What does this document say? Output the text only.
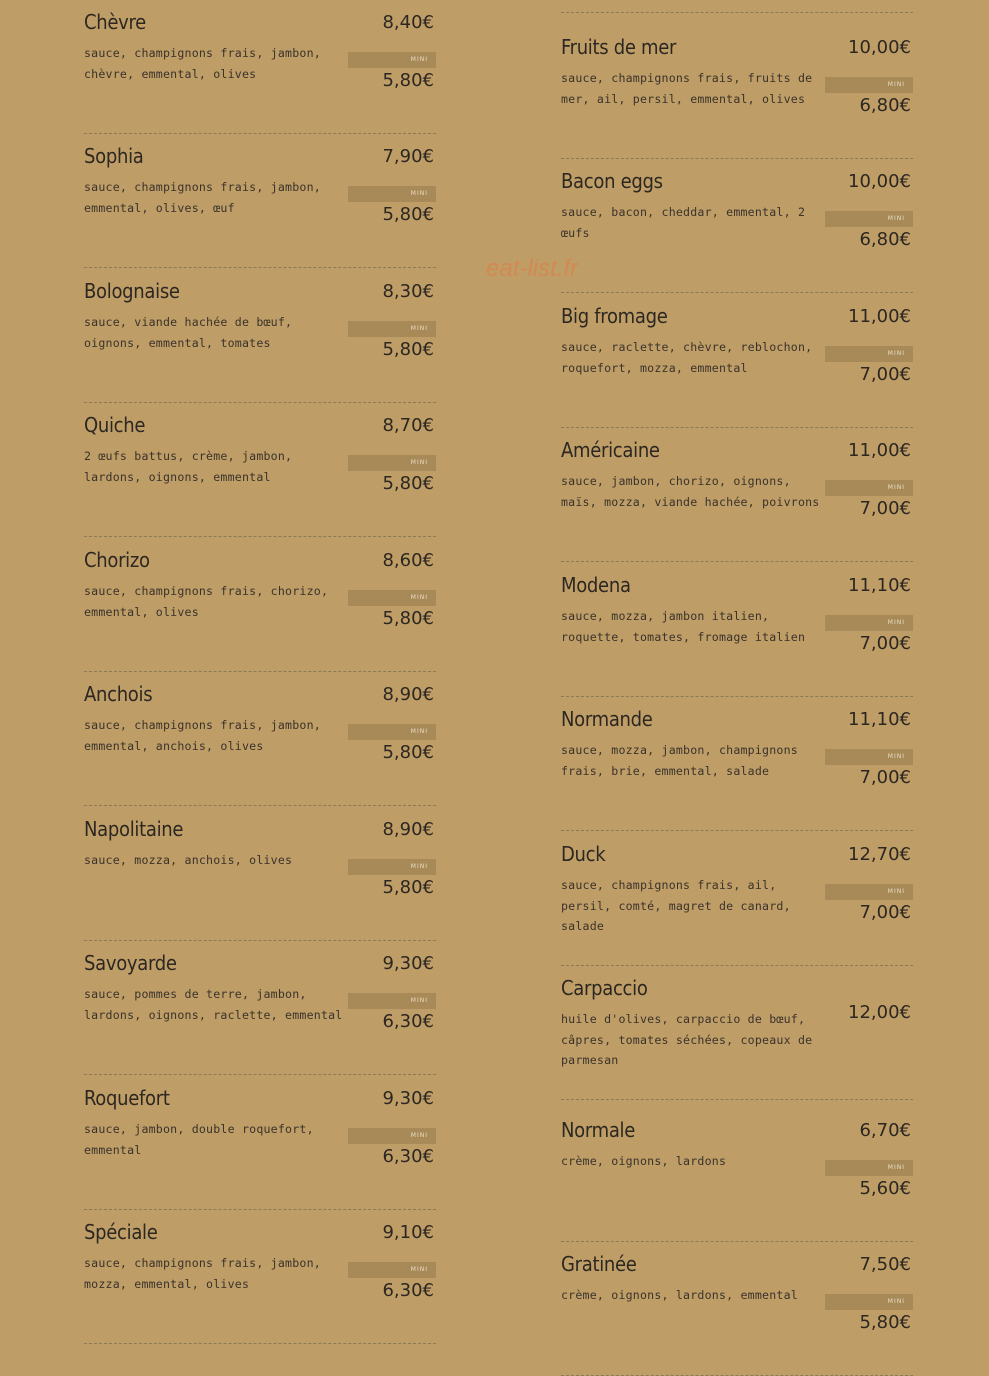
Chèvre	8,40€
sauce, champignons frais, jambon, chèvre, emmental, olives
MINI
5,80€
Sophia	7,90€
sauce, champignons frais, jambon, emmental, olives, œuf
MINI
5,80€
Bolognaise	8,30€
sauce, viande hachée de bœuf, oignons, emmental, tomates
MINI
5,80€
Quiche	8,70€
2 œufs battus, crème, jambon, lardons, oignons, emmental
MINI
5,80€
Chorizo	8,60€
sauce, champignons frais, chorizo, emmental, olives
MINI
5,80€
Anchois	8,90€
sauce, champignons frais, jambon, emmental, anchois, olives
MINI
5,80€
Napolitaine	8,90€
sauce, mozza, anchois, olives	MINI
5,80€
Savoyarde	9,30€
sauce, pommes de terre, jambon, lardons, oignons, raclette, emmental
MINI
6,30€
Roquefort	9,30€
sauce, jambon, double roquefort, emmental
MINI
6,30€
Spéciale	9,10€
sauce, champignons frais, jambon, mozza, emmental, olives
MINI
6,30€
Fruits de mer	10,00€
sauce, champignons frais, fruits de mer, ail, persil, emmental, olives
MINI
6,80€
Bacon eggs	10,00€
sauce, bacon, cheddar, emmental, 2 œufs
MINI
6,80€
Big fromage	11,00€
sauce, raclette, chèvre, reblochon, roquefort, mozza, emmental
MINI
7,00€
Américaine	11,00€
sauce, jambon, chorizo, oignons, maïs, mozza, viande hachée, poivrons
MINI
7,00€
Modena	11,10€
sauce, mozza, jambon italien, roquette, tomates, fromage italien
MINI
7,00€
Normande	11,10€
sauce, mozza, jambon, champignons frais, brie, emmental, salade
MINI
7,00€
Duck	12,70€
sauce, champignons frais, ail, persil, comté, magret de canard, salade
MINI
7,00€
Carpaccio
12,00€
huile d'olives, carpaccio de bœuf, câpres, tomates séchées, copeaux de parmesan
Normale	6,70€
crème, oignons, lardons	MINI
5,60€
Gratinée	7,50€
crème, oignons, lardons, emmental	MINI
5,80€
eat-list.fr
